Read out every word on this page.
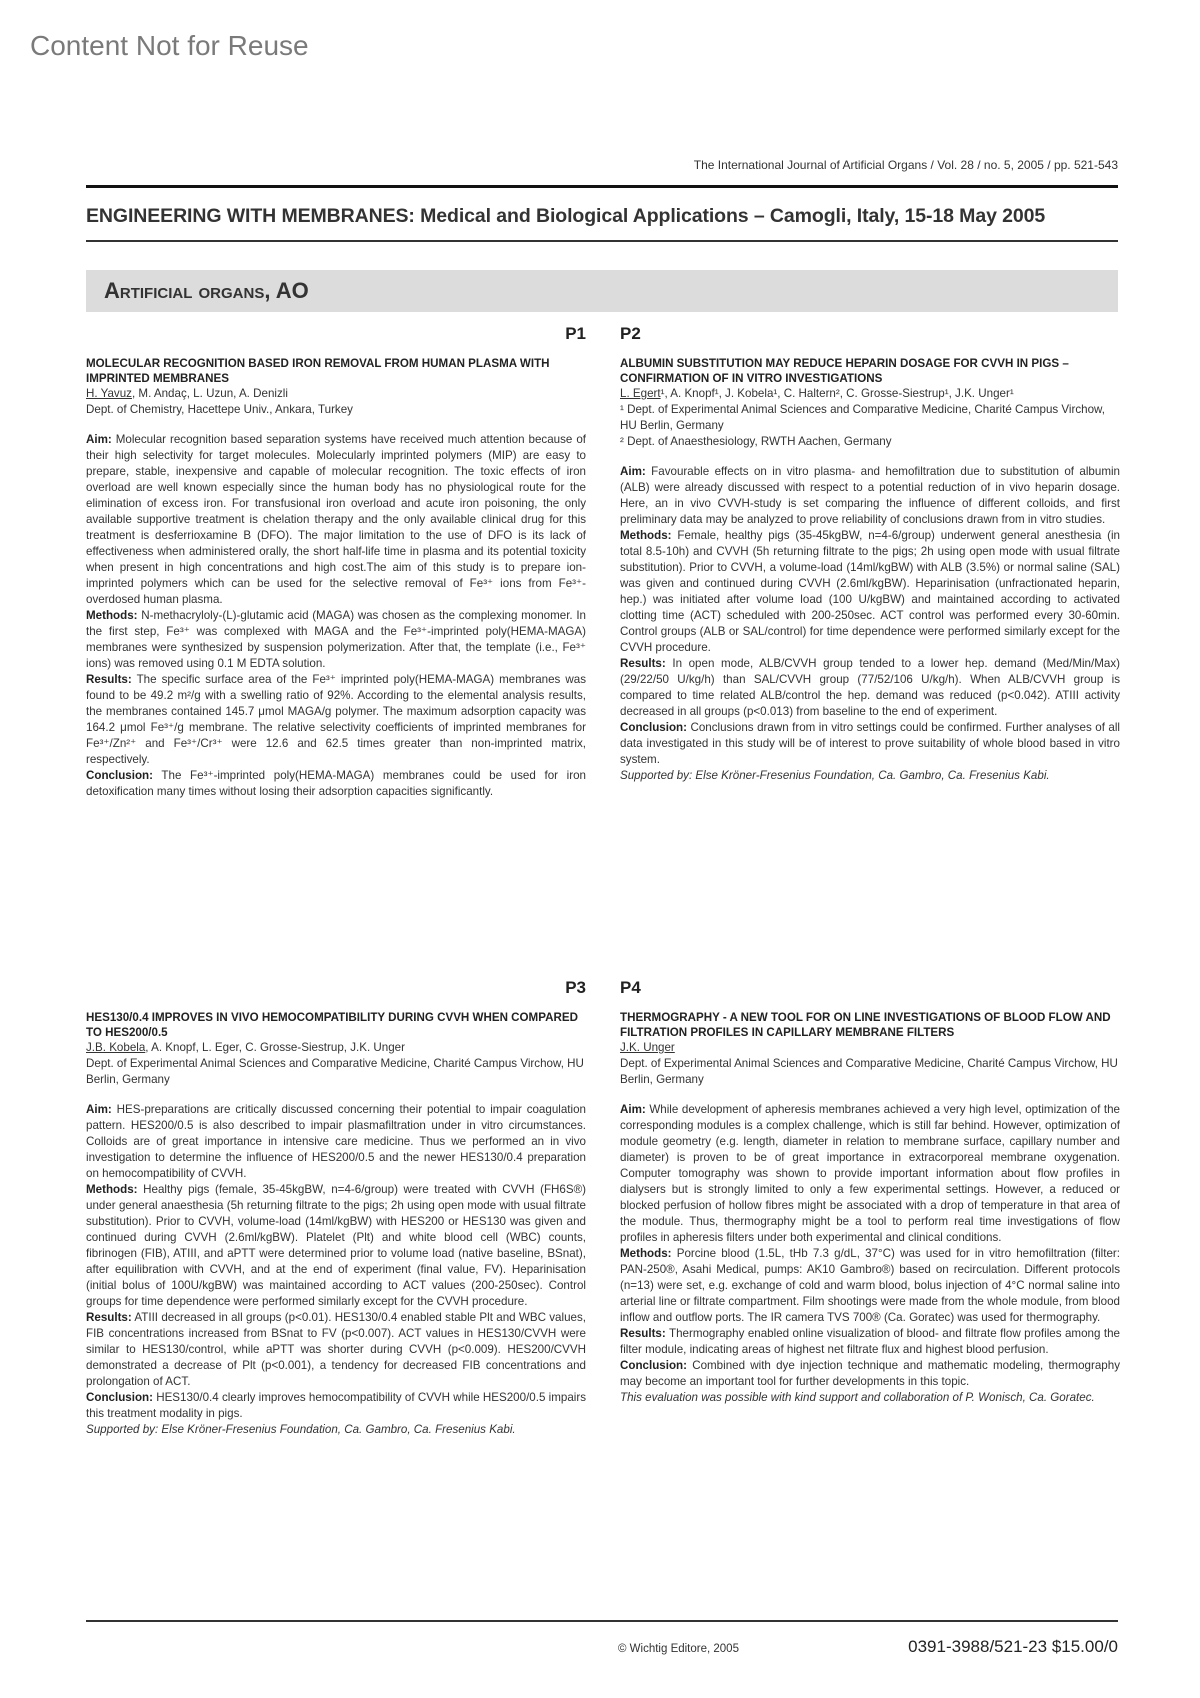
Content Not for Reuse
The International Journal of Artificial Organs / Vol. 28 / no. 5, 2005 / pp. 521-543
ENGINEERING WITH MEMBRANES: Medical and Biological Applications – Camogli, Italy, 15-18 May 2005
Artificial organs, AO
P1
MOLECULAR RECOGNITION BASED IRON REMOVAL FROM HUMAN PLASMA WITH IMPRINTED MEMBRANES
H. Yavuz, M. Andaç, L. Uzun, A. Denizli
Dept. of Chemistry, Hacettepe Univ., Ankara, Turkey

Aim: Molecular recognition based separation systems have received much attention because of their high selectivity for target molecules. Molecularly imprinted polymers (MIP) are easy to prepare, stable, inexpensive and capable of molecular recognition. The toxic effects of iron overload are well known especially since the human body has no physiological route for the elimination of excess iron. For transfusional iron overload and acute iron poisoning, the only available supportive treatment is chelation therapy and the only available clinical drug for this treatment is desferrioxamine B (DFO). The major limitation to the use of DFO is its lack of effectiveness when administered orally, the short half-life time in plasma and its potential toxicity when present in high concentrations and high cost.The aim of this study is to prepare ion-imprinted polymers which can be used for the selective removal of Fe³⁺ ions from Fe³⁺-overdosed human plasma.

Methods: N-methacryloly-(L)-glutamic acid (MAGA) was chosen as the complexing monomer. In the first step, Fe³⁺ was complexed with MAGA and the Fe³⁺-imprinted poly(HEMA-MAGA) membranes were synthesized by suspension polymerization. After that, the template (i.e., Fe³⁺ ions) was removed using 0.1 M EDTA solution.

Results: The specific surface area of the Fe³⁺ imprinted poly(HEMA-MAGA) membranes was found to be 49.2 m²/g with a swelling ratio of 92%. According to the elemental analysis results, the membranes contained 145.7 μmol MAGA/g polymer. The maximum adsorption capacity was 164.2 μmol Fe³⁺/g membrane. The relative selectivity coefficients of imprinted membranes for Fe³⁺/Zn²⁺ and Fe³⁺/Cr³⁺ were 12.6 and 62.5 times greater than non-imprinted matrix, respectively.

Conclusion: The Fe³⁺-imprinted poly(HEMA-MAGA) membranes could be used for iron detoxification many times without losing their adsorption capacities significantly.

P2
ALBUMIN SUBSTITUTION MAY REDUCE HEPARIN DOSAGE FOR CVVH IN PIGS – CONFIRMATION OF IN VITRO INVESTIGATIONS
L. Egert¹, A. Knopf¹, J. Kobela¹, C. Haltern², C. Grosse-Siestrup¹, J.K. Unger¹
¹ Dept. of Experimental Animal Sciences and Comparative Medicine, Charité Campus Virchow, HU Berlin, Germany
² Dept. of Anaesthesiology, RWTH Aachen, Germany

Aim: Favourable effects on in vitro plasma- and hemofiltration due to substitution of albumin (ALB) were already discussed with respect to a potential reduction of in vivo heparin dosage. Here, an in vivo CVVH-study is set comparing the influence of different colloids, and first preliminary data may be analyzed to prove reliability of conclusions drawn from in vitro studies.

Methods: Female, healthy pigs (35-45kgBW, n=4-6/group) underwent general anesthesia (in total 8.5-10h) and CVVH (5h returning filtrate to the pigs; 2h using open mode with usual filtrate substitution). Prior to CVVH, a volume-load (14ml/kgBW) with ALB (3.5%) or normal saline (SAL) was given and continued during CVVH (2.6ml/kgBW). Heparinisation (unfractionated heparin, hep.) was initiated after volume load (100 U/kgBW) and maintained according to activated clotting time (ACT) scheduled with 200-250sec. ACT control was performed every 30-60min. Control groups (ALB or SAL/control) for time dependence were performed similarly except for the CVVH procedure.

Results: In open mode, ALB/CVVH group tended to a lower hep. demand (Med/Min/Max) (29/22/50 U/kg/h) than SAL/CVVH group (77/52/106 U/kg/h). When ALB/CVVH group is compared to time related ALB/control the hep. demand was reduced (p<0.042). ATIII activity decreased in all groups (p<0.013) from baseline to the end of experiment.

Conclusion: Conclusions drawn from in vitro settings could be confirmed. Further analyses of all data investigated in this study will be of interest to prove suitability of whole blood based in vitro system.

Supported by: Else Kröner-Fresenius Foundation, Ca. Gambro, Ca. Fresenius Kabi.

P3
HES130/0.4 IMPROVES IN VIVO HEMOCOMPATIBILITY DURING CVVH WHEN COMPARED TO HES200/0.5
J.B. Kobela, A. Knopf, L. Eger, C. Grosse-Siestrup, J.K. Unger
Dept. of Experimental Animal Sciences and Comparative Medicine, Charité Campus Virchow, HU Berlin, Germany

Aim: HES-preparations are critically discussed concerning their potential to impair coagulation pattern. HES200/0.5 is also described to impair plasmafiltration under in vitro circumstances. Colloids are of great importance in intensive care medicine. Thus we performed an in vivo investigation to determine the influence of HES200/0.5 and the newer HES130/0.4 preparation on hemocompatibility of CVVH.

Methods: Healthy pigs (female, 35-45kgBW, n=4-6/group) were treated with CVVH (FH6S®) under general anaesthesia (5h returning filtrate to the pigs; 2h using open mode with usual filtrate substitution). Prior to CVVH, volume-load (14ml/kgBW) with HES200 or HES130 was given and continued during CVVH (2.6ml/kgBW). Platelet (Plt) and white blood cell (WBC) counts, fibrinogen (FIB), ATIII, and aPTT were determined prior to volume load (native baseline, BSnat), after equilibration with CVVH, and at the end of experiment (final value, FV). Heparinisation (initial bolus of 100U/kgBW) was maintained according to ACT values (200-250sec). Control groups for time dependence were performed similarly except for the CVVH procedure.

Results: ATIII decreased in all groups (p<0.01). HES130/0.4 enabled stable Plt and WBC values, FIB concentrations increased from BSnat to FV (p<0.007). ACT values in HES130/CVVH were similar to HES130/control, while aPTT was shorter during CVVH (p<0.009). HES200/CVVH demonstrated a decrease of Plt (p<0.001), a tendency for decreased FIB concentrations and prolongation of ACT.

Conclusion: HES130/0.4 clearly improves hemocompatibility of CVVH while HES200/0.5 impairs this treatment modality in pigs.

Supported by: Else Kröner-Fresenius Foundation, Ca. Gambro, Ca. Fresenius Kabi.

P4
THERMOGRAPHY - A NEW TOOL FOR ON LINE INVESTIGATIONS OF BLOOD FLOW AND FILTRATION PROFILES IN CAPILLARY MEMBRANE FILTERS
J.K. Unger
Dept. of Experimental Animal Sciences and Comparative Medicine, Charité Campus Virchow, HU Berlin, Germany

Aim: While development of apheresis membranes achieved a very high level, optimization of the corresponding modules is a complex challenge, which is still far behind. However, optimization of module geometry (e.g. length, diameter in relation to membrane surface, capillary number and diameter) is proven to be of great importance in extracorporeal membrane oxygenation. Computer tomography was shown to provide important information about flow profiles in dialysers but is strongly limited to only a few experimental settings. However, a reduced or blocked perfusion of hollow fibres might be associated with a drop of temperature in that area of the module. Thus, thermography might be a tool to perform real time investigations of flow profiles in apheresis filters under both experimental and clinical conditions.

Methods: Porcine blood (1.5L, tHb 7.3 g/dL, 37°C) was used for in vitro hemofiltration (filter: PAN-250®, Asahi Medical, pumps: AK10 Gambro®) based on recirculation. Different protocols (n=13) were set, e.g. exchange of cold and warm blood, bolus injection of 4°C normal saline into arterial line or filtrate compartment. Film shootings were made from the whole module, from blood inflow and outflow ports. The IR camera TVS 700® (Ca. Goratec) was used for thermography.

Results: Thermography enabled online visualization of blood- and filtrate flow profiles among the filter module, indicating areas of highest net filtrate flux and highest blood perfusion.

Conclusion: Combined with dye injection technique and mathematic modeling, thermography may become an important tool for further developments in this topic.

This evaluation was possible with kind support and collaboration of P. Wonisch, Ca. Goratec.

© Wichtig Editore, 2005	0391-3988/521-23 $15.00/0
